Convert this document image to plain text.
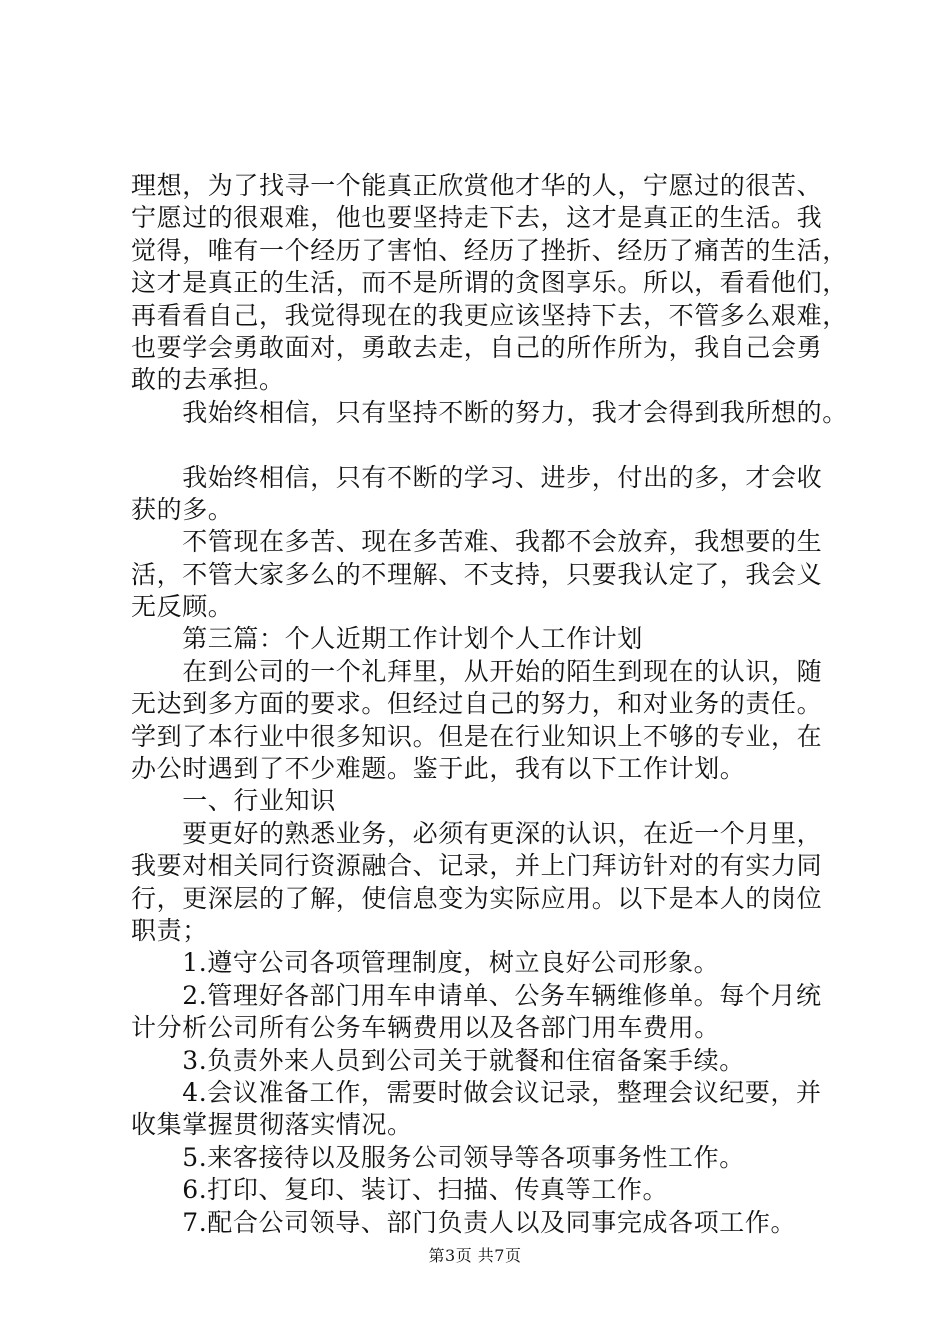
理想，为了找寻一个能真正欣赏他才华的人，宁愿过的很苦、
宁愿过的很艰难，他也要坚持走下去，这才是真正的生活。我
觉得，唯有一个经历了害怕、经历了挫折、经历了痛苦的生活，
这才是真正的生活，而不是所谓的贪图享乐。所以，看看他们，
再看看自己，我觉得现在的我更应该坚持下去，不管多么艰难，
也要学会勇敢面对，勇敢去走，自己的所作所为，我自己会勇
敢的去承担。
　　我始终相信，只有坚持不断的努力，我才会得到我所想的。
　　我始终相信，只有不断的学习、进步，付出的多，才会收
获的多。
　　不管现在多苦、现在多苦难、我都不会放弃，我想要的生
活，不管大家多么的不理解、不支持，只要我认定了，我会义
无反顾。
　　第三篇：个人近期工作计划个人工作计划
　　在到公司的一个礼拜里，从开始的陌生到现在的认识，随
无达到多方面的要求。但经过自己的努力，和对业务的责任。
学到了本行业中很多知识。但是在行业知识上不够的专业，在
办公时遇到了不少难题。鉴于此，我有以下工作计划。
　　一、行业知识
　　要更好的熟悉业务，必须有更深的认识，在近一个月里，
我要对相关同行资源融合、记录，并上门拜访针对的有实力同
行，更深层的了解，使信息变为实际应用。以下是本人的岗位
职责；
　　1.遵守公司各项管理制度，树立良好公司形象。
　　2.管理好各部门用车申请单、公务车辆维修单。每个月统
计分析公司所有公务车辆费用以及各部门用车费用。
　　3.负责外来人员到公司关于就餐和住宿备案手续。
　　4.会议准备工作，需要时做会议记录，整理会议纪要，并
收集掌握贯彻落实情况。
　　5.来客接待以及服务公司领导等各项事务性工作。
　　6.打印、复印、装订、扫描、传真等工作。
　　7.配合公司领导、部门负责人以及同事完成各项工作。
第3页 共7页
